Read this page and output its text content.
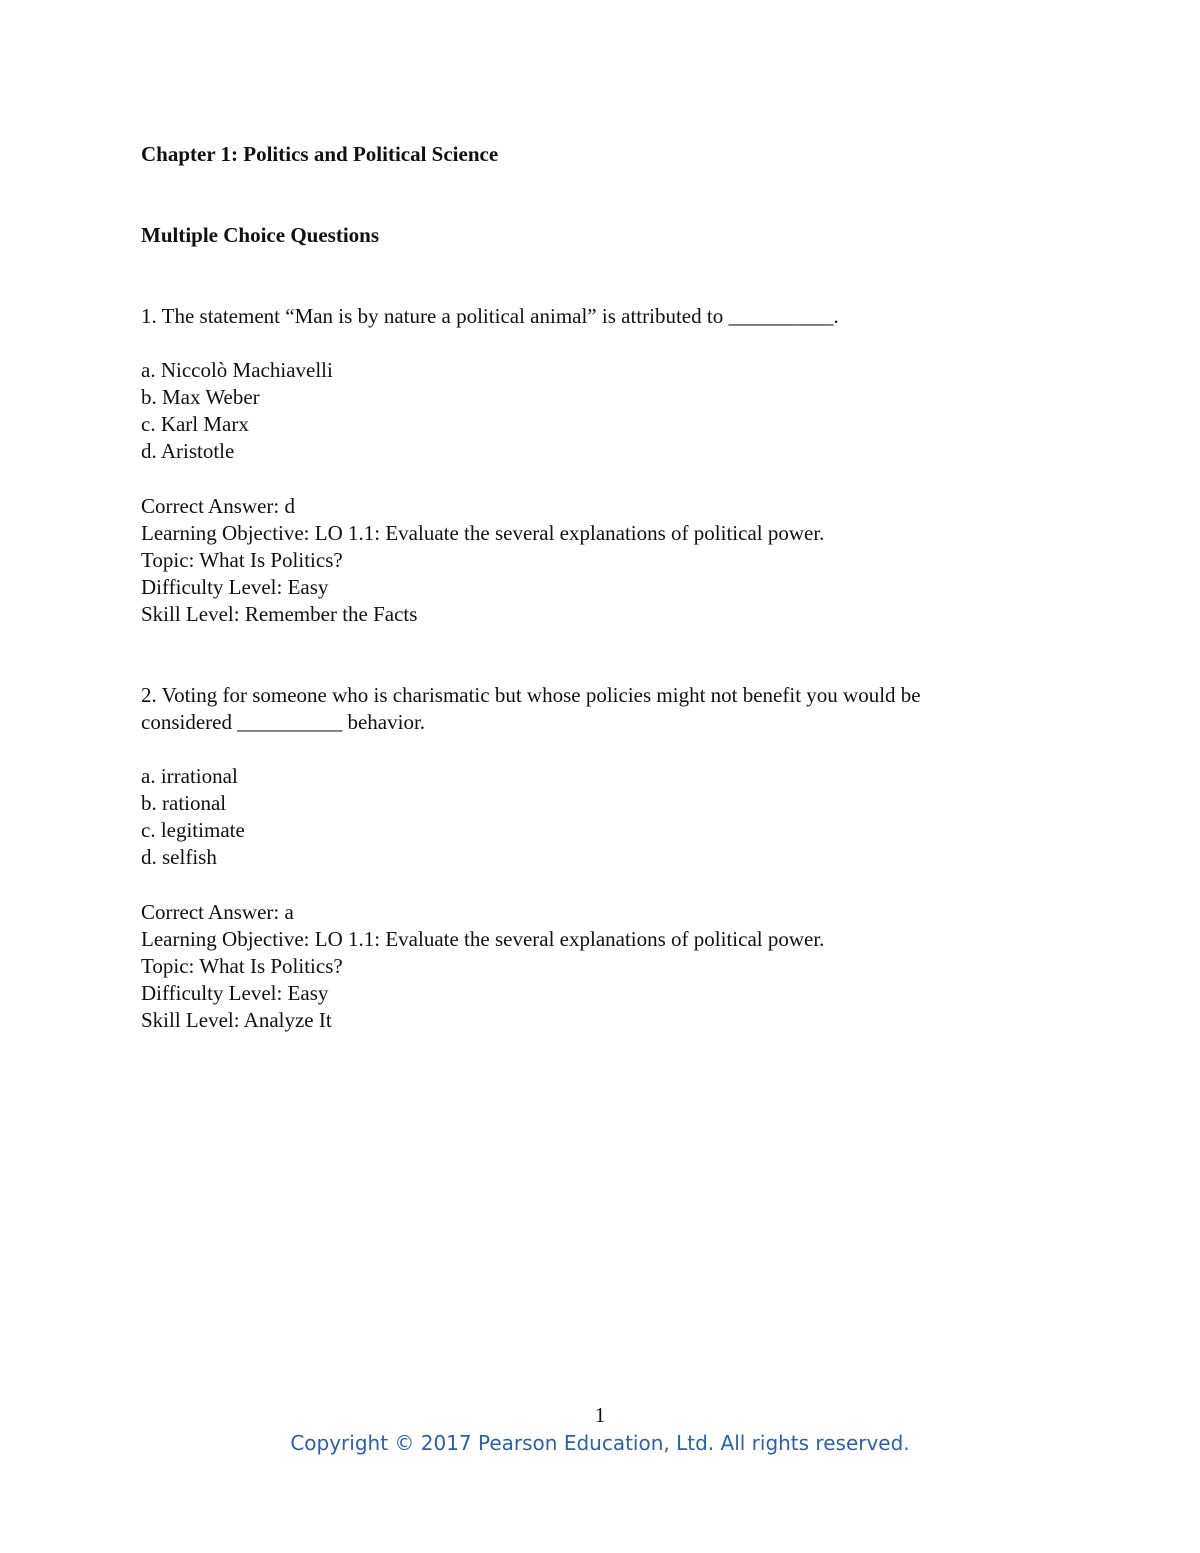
Chapter 1: Politics and Political Science
Multiple Choice Questions
1. The statement “Man is by nature a political animal” is attributed to __________.
a. Niccolò Machiavelli
b. Max Weber
c. Karl Marx
d. Aristotle
Correct Answer: d
Learning Objective: LO 1.1: Evaluate the several explanations of political power.
Topic: What Is Politics?
Difficulty Level: Easy
Skill Level: Remember the Facts
2. Voting for someone who is charismatic but whose policies might not benefit you would be
considered __________ behavior.
a. irrational
b. rational
c. legitimate
d. selfish
Correct Answer: a
Learning Objective: LO 1.1: Evaluate the several explanations of political power.
Topic: What Is Politics?
Difficulty Level: Easy
Skill Level: Analyze It
1
Copyright © 2017 Pearson Education, Ltd. All rights reserved.
